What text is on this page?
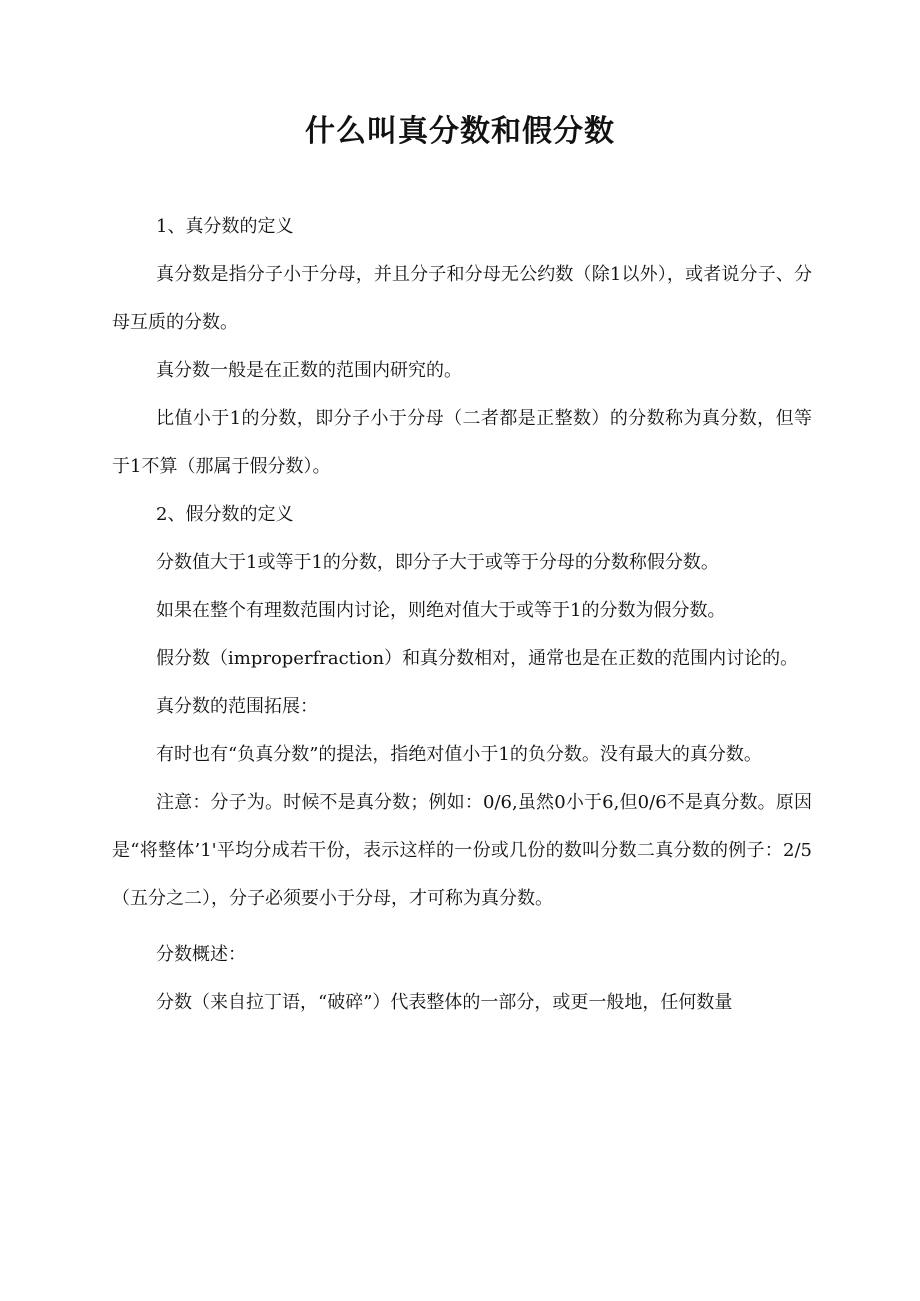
什么叫真分数和假分数

1、真分数的定义

真分数是指分子小于分母，并且分子和分母无公约数（除1以外），或者说分子、分母互质的分数。

真分数一般是在正数的范围内研究的。

比值小于1的分数，即分子小于分母（二者都是正整数）的分数称为真分数，但等于1不算（那属于假分数）。

2、假分数的定义

分数值大于1或等于1的分数，即分子大于或等于分母的分数称假分数。

如果在整个有理数范围内讨论，则绝对值大于或等于1的分数为假分数。

假分数（improperfraction）和真分数相对，通常也是在正数的范围内讨论的。

真分数的范围拓展：

有时也有“负真分数”的提法，指绝对值小于1的负分数。没有最大的真分数。

注意：分子为。时候不是真分数；例如：0/6,虽然0小于6,但0/6不是真分数。原因是“将整体’1'平均分成若干份，表示这样的一份或几份的数叫分数二真分数的例子：2/5（五分之二），分子必须要小于分母，才可称为真分数。

分数概述：

分数（来自拉丁语，“破碎”）代表整体的一部分，或更一般地，任何数量
